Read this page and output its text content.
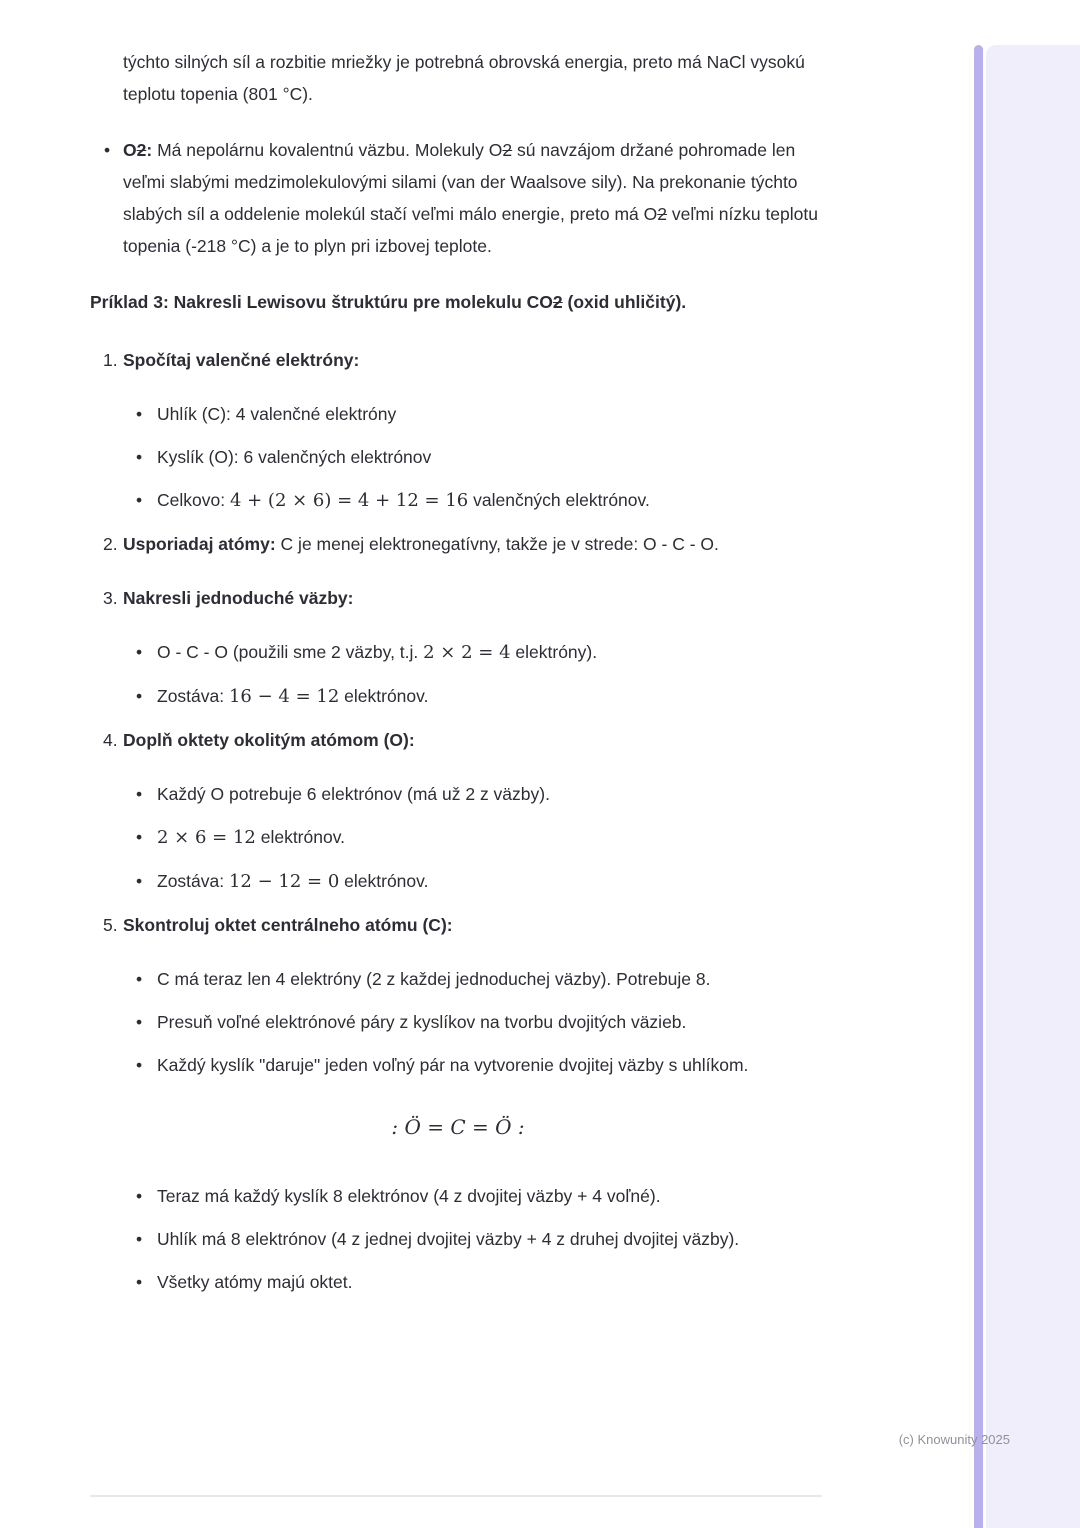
týchto silných síl a rozbitie mriežky je potrebná obrovská energia, preto má NaCl vysokú teplotu topenia (801 °C).

• O2: Má nepolárnu kovalentnú väzbu. Molekuly O2 sú navzájom držané pohromade len veľmi slabými medzimolekulovými silami (van der Waalsove sily). Na prekonanie týchto slabých síl a oddelenie molekúl stačí veľmi málo energie, preto má O2 veľmi nízku teplotu topenia (-218 °C) a je to plyn pri izbovej teplote.

Príklad 3: Nakresli Lewisovu štruktúru pre molekulu CO2 (oxid uhličitý).

1. Spočítaj valenčné elektróny:
• Uhlík (C): 4 valenčné elektróny
• Kyslík (O): 6 valenčných elektrónov
• Celkovo: 4 + (2 × 6) = 4 + 12 = 16 valenčných elektrónov.
2. Usporiadaj atómy: C je menej elektronegatívny, takže je v strede: O - C - O.
3. Nakresli jednoduché väzby:
• O - C - O (použili sme 2 väzby, t.j. 2 × 2 = 4 elektróny).
• Zostáva: 16 − 4 = 12 elektrónov.
4. Doplň oktety okolitým atómom (O):
• Každý O potrebuje 6 elektrónov (má už 2 z väzby).
• 2 × 6 = 12 elektrónov.
• Zostáva: 12 − 12 = 0 elektrónov.
5. Skontroluj oktet centrálneho atómu (C):
• C má teraz len 4 elektróny (2 z každej jednoduchej väzby). Potrebuje 8.
• Presuň voľné elektrónové páry z kyslíkov na tvorbu dvojitých väzieb.
• Každý kyslík "daruje" jeden voľný pár na vytvorenie dvojitej väzby s uhlíkom.
: Ö = C = Ö :
• Teraz má každý kyslík 8 elektrónov (4 z dvojitej väzby + 4 voľné).
• Uhlík má 8 elektrónov (4 z jednej dvojitej väzby + 4 z druhej dvojitej väzby).
• Všetky atómy majú oktet.
(c) Knowunity 2025
